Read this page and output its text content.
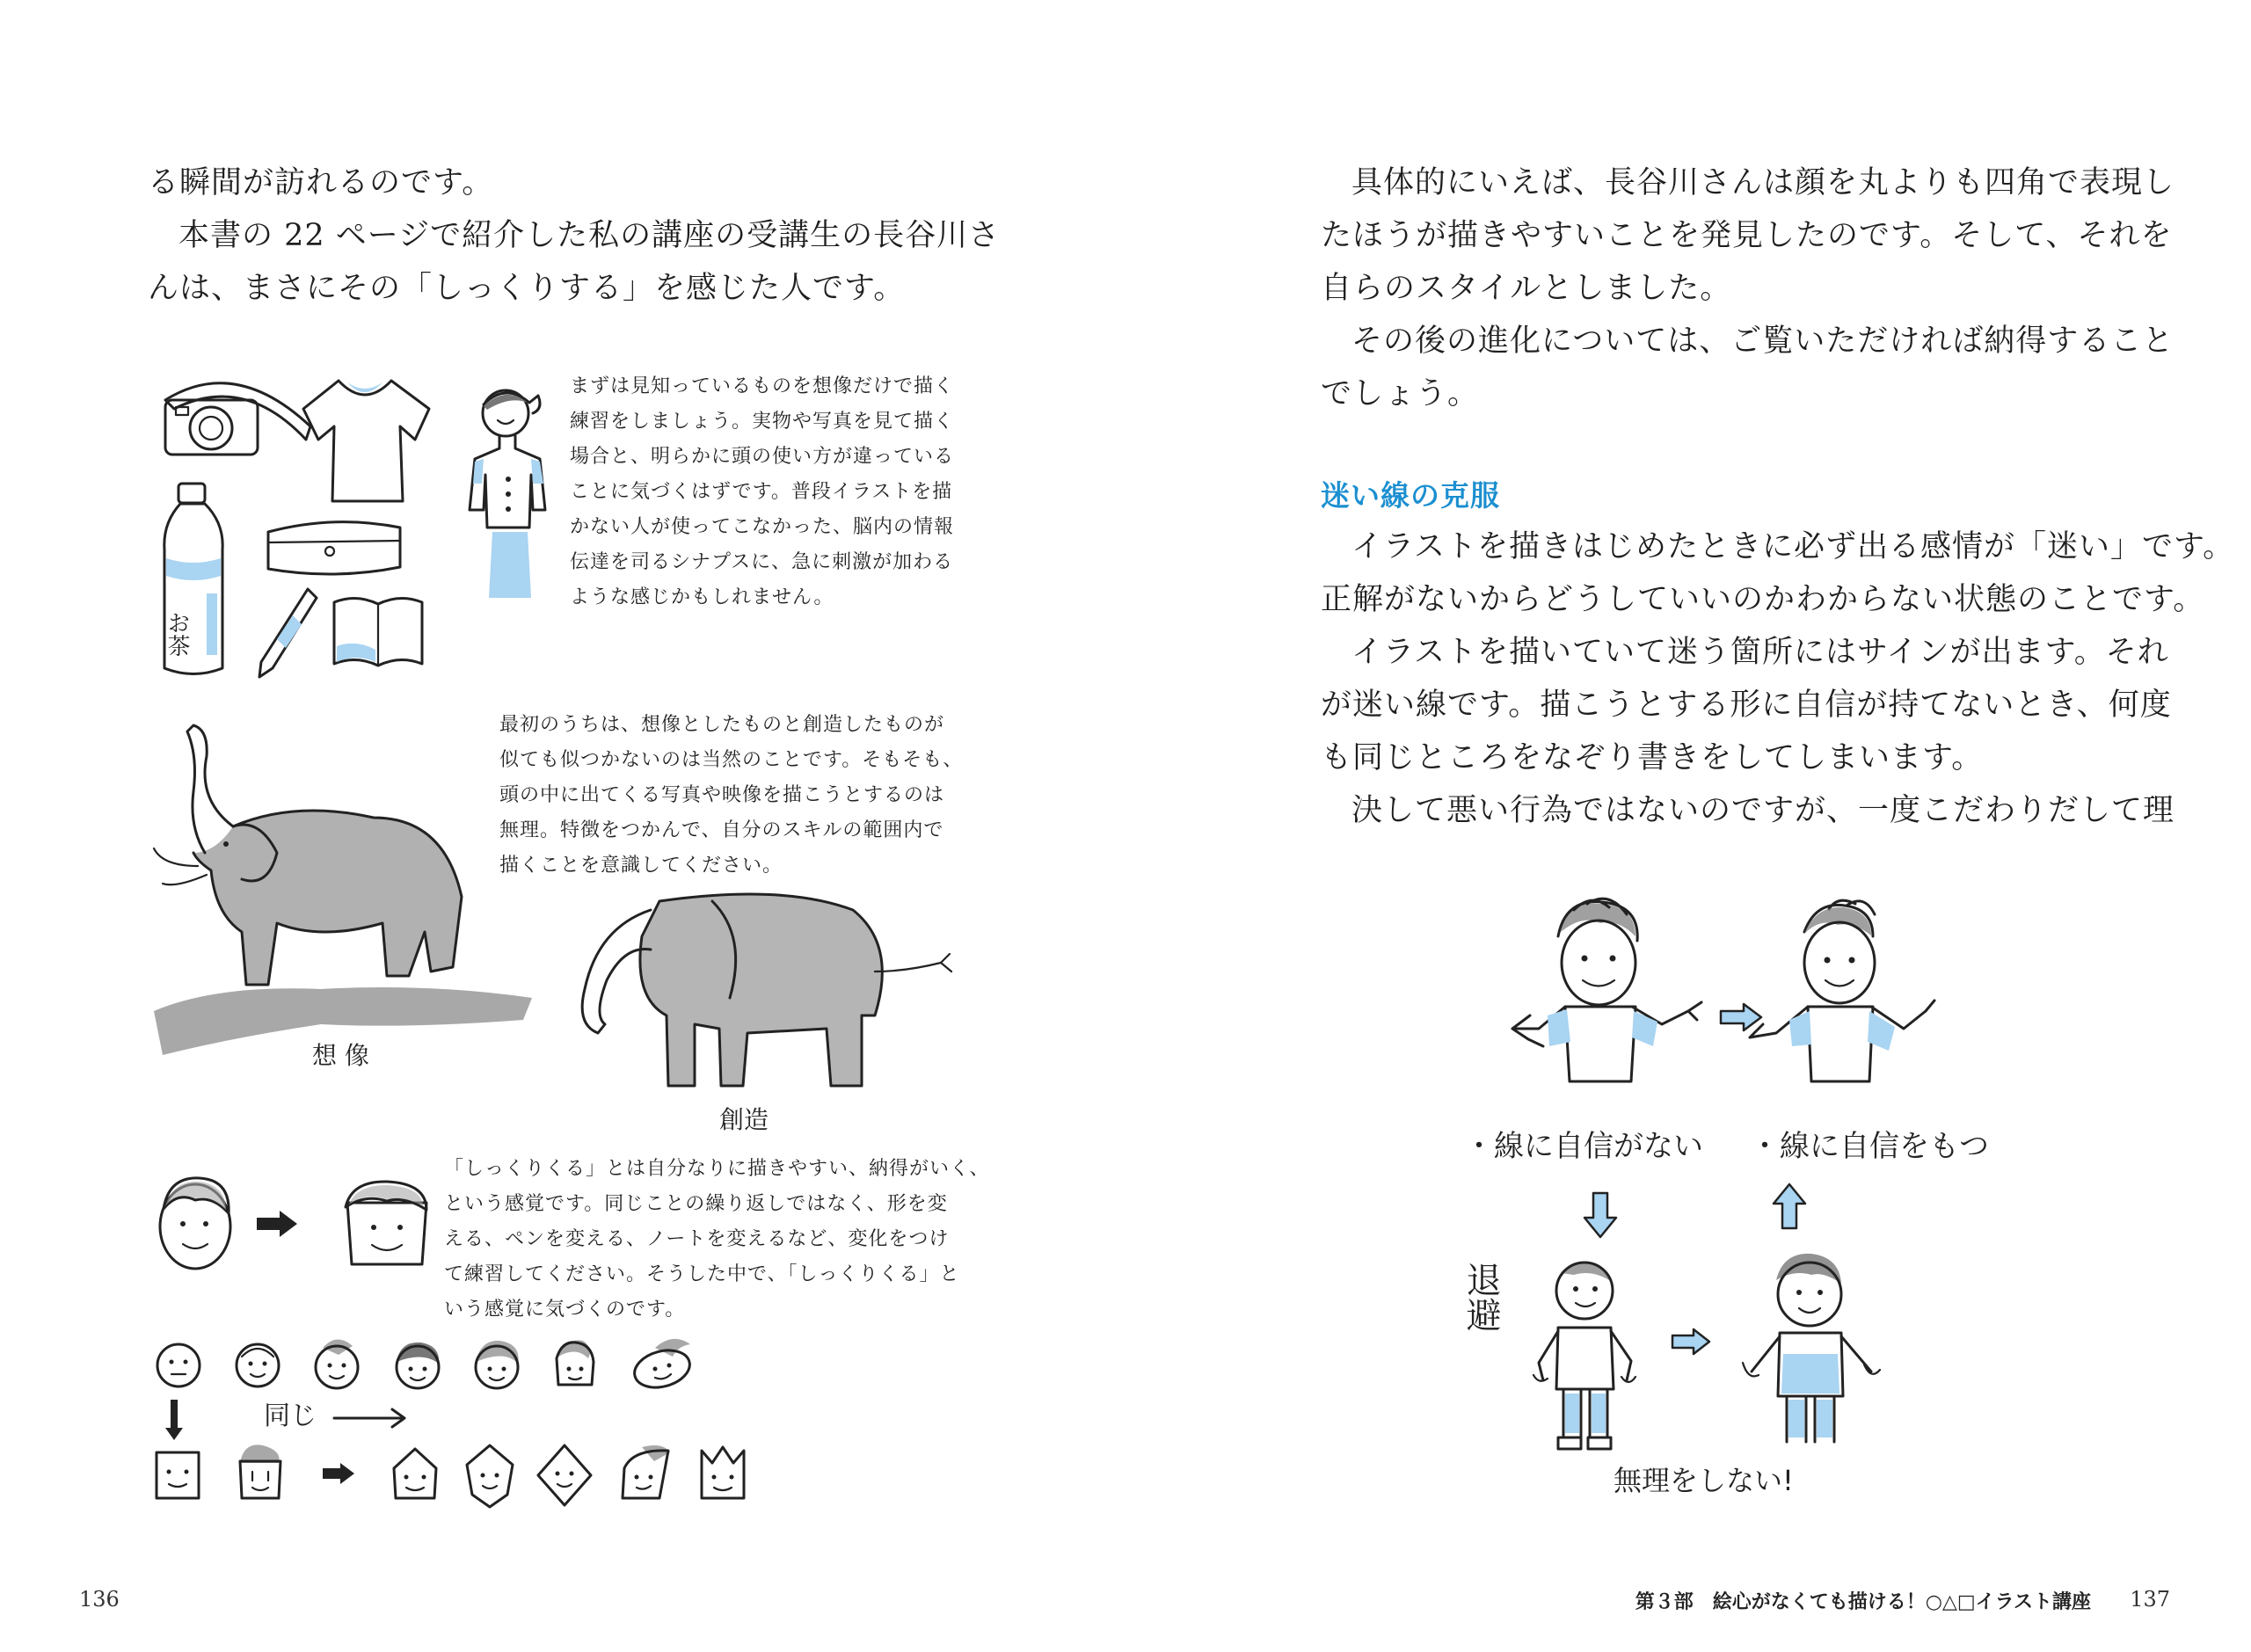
る瞬間が訪れるのです。

本書の 22 ページで紹介した私の講座の受講生の長谷川さ

んは、まさにその「しっくりする」を感じた人です。

お茶
まずは見知っているものを想像だけで描く
練習をしましょう。実物や写真を見て描く
場合と、明らかに頭の使い方が違っている
ことに気づくはずです。普段イラストを描
かない人が使ってこなかった、脳内の情報
伝達を司るシナプスに、急に刺激が加わる
ような感じかもしれません。
最初のうちは、想像としたものと創造したものが
似ても似つかないのは当然のことです。そもそも、
頭の中に出てくる写真や映像を描こうとするのは
無理。特徴をつかんで、自分のスキルの範囲内で
描くことを意識してください。
想 像
創造
「しっくりくる」とは自分なりに描きやすい、納得がいく、
という感覚です。同じことの繰り返しではなく、形を変
える、ペンを変える、ノートを変えるなど、変化をつけ
て練習してください。そうした中で、「しっくりくる」と
いう感覚に気づくのです。
同じ
136

具体的にいえば、長谷川さんは顔を丸よりも四角で表現し

たほうが描きやすいことを発見したのです。そして、それを

自らのスタイルとしました。

その後の進化については、ご覧いただければ納得すること

でしょう。

迷い線の克服

イラストを描きはじめたときに必ず出る感情が「迷い」です。

正解がないからどうしていいのかわからない状態のことです。

イラストを描いていて迷う箇所にはサインが出ます。それ

が迷い線です。描こうとする形に自信が持てないとき、何度

も同じところをなぞり書きをしてしまいます。

決して悪い行為ではないのですが、一度こだわりだして理

・線に自信がない ・線に自信をもつ
退避
無理をしない!
第３部　絵心がなくても描ける！○△□イラスト講座 137
